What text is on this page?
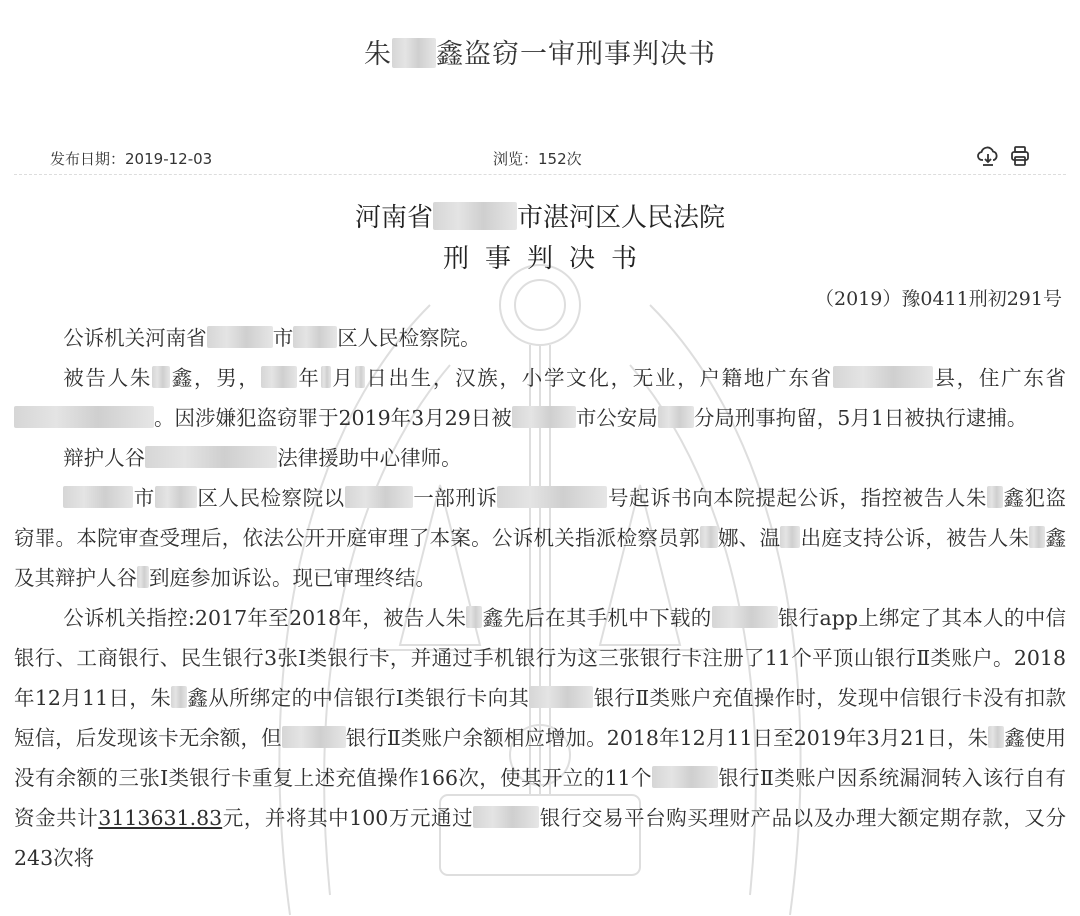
朱 鑫盗窃一审刑事判决书
发布日期：2019-12-03	浏览：152次
河南省	市湛河区人民法院
刑事判决书
（2019）豫0411刑初291号

公诉机关河南省	市 区人民检察院。

被告人朱 鑫，男， 年 月 日出生，汉族，小学文化，无业，户籍地广东省	县，住广东省。因涉嫌犯盗窃罪于2019年3月29日被	市公安局 分局刑事拘留，5月1日被执行逮捕。

辩护人谷	法律援助中心律师。

市 区人民检察院以	一部刑诉	号起诉书向本院提起公诉，指控被告人朱 鑫犯盗窃罪。本院审查受理后，依法公开开庭审理了本案。公诉机关指派检察员郭 娜、温 出庭支持公诉，被告人朱 鑫及其辩护人谷 到庭参加诉讼。现已审理终结。

公诉机关指控:2017年至2018年，被告人朱 鑫先后在其手机中下载的	银行app上绑定了其本人的中信银行、工商银行、民生银行3张Ⅰ类银行卡，并通过手机银行为这三张银行卡注册了11个平顶山银行Ⅱ类账户。2018年12月11日，朱 鑫从所绑定的中信银行Ⅰ类银行卡向其	银行Ⅱ类账户充值操作时，发现中信银行卡没有扣款短信，后发现该卡无余额，但	银行Ⅱ类账户余额相应增加。2018年12月11日至2019年3月21日，朱 鑫使用没有余额的三张Ⅰ类银行卡重复上述充值操作166次，使其开立的11个	银行Ⅱ类账户因系统漏洞转入该行自有资金共计3113631.83元，并将其中100万元通过	银行交易平台购买理财产品以及办理大额定期存款，又分243次将
